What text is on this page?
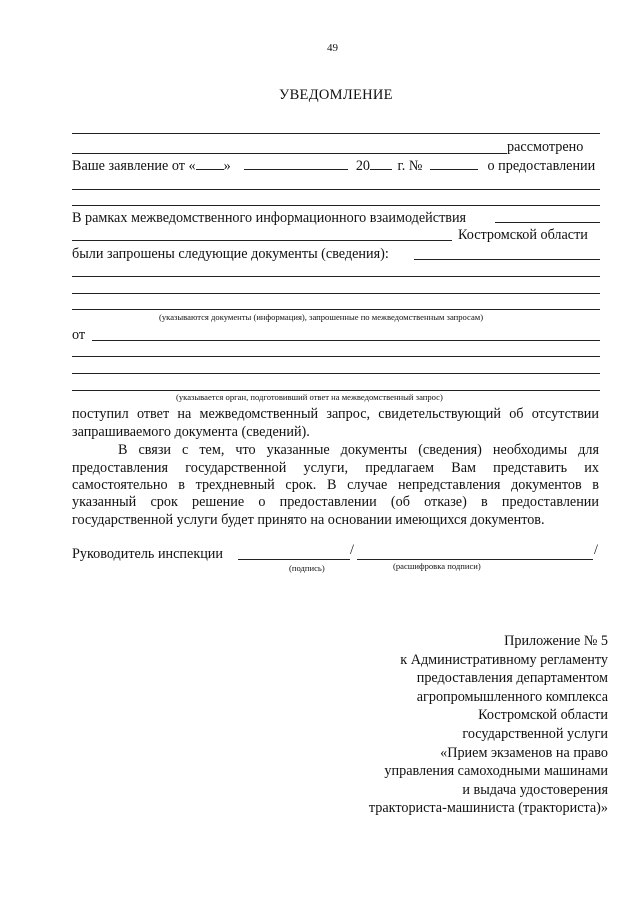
49
УВЕДОМЛЕНИЕ
рассмотрено
Ваше заявление от « »	20 г. №	о предоставлении
В рамках межведомственного информационного взаимодействия
Костромской области
были запрошены следующие документы (сведения):
(указываются документы (информация), запрошенные по межведомственным запросам)
от
(указывается орган, подготовивший ответ на межведомственный запрос)
поступил ответ на межведомственный запрос, свидетельствующий об отсутствии
запрашиваемого документа (сведений).
В связи с тем, что указанные документы (сведения) необходимы для
предоставления государственной услуги, предлагаем Вам представить их
самостоятельно в трехдневный срок. В случае непредставления документов в
указанный срок решение о предоставлении (об отказе) в предоставлении
государственной услуги будет принято на основании имеющихся документов.
Руководитель инспекции	/	/
(подпись)	(расшифровка подписи)
Приложение № 5
к Административному регламенту
предоставления департаментом
агропромышленного комплекса
Костромской области
государственной услуги
«Прием экзаменов на право
управления самоходными машинами
и выдача удостоверения
тракториста-машиниста (тракториста)»
